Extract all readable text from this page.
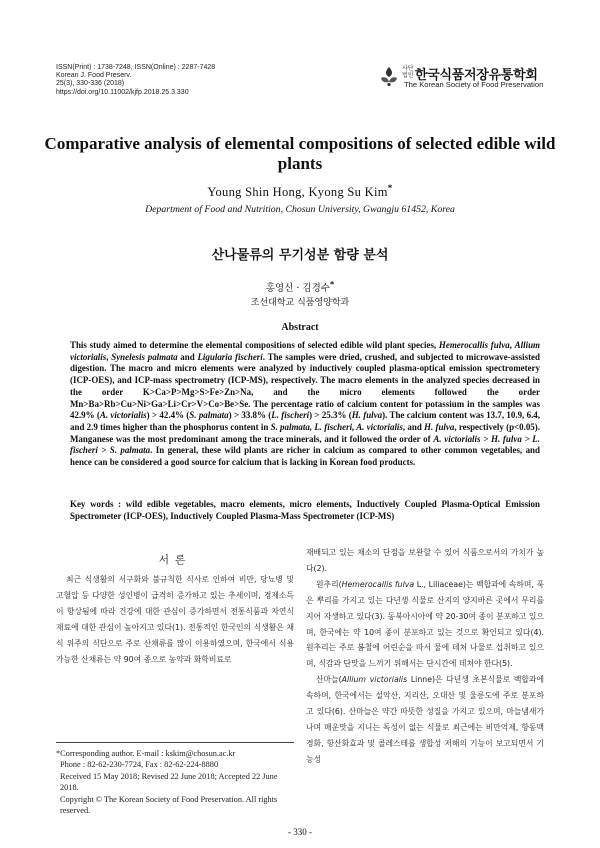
ISSN(Print) : 1738-7248, ISSN(Online) : 2287-7428
Korean J. Food Preserv.
25(3), 330-336 (2018)
https://doi.org/10.11002/kjfp.2018.25.3.330
사단
법인 한국식품저장유통학회
The Korean Society of Food Preservation
Comparative analysis of elemental compositions of selected edible wild plants
Young Shin Hong, Kyong Su Kim*
Department of Food and Nutrition, Chosun University, Gwangju 61452, Korea
산나물류의 무기성분 함량 분석
홍영신 · 김경수*
조선대학교 식품영양학과
Abstract
This study aimed to determine the elemental compositions of selected edible wild plant species, Hemerocallis fulva, Allium victorialis, Synelesis palmata and Ligularia fischeri. The samples were dried, crushed, and subjected to microwave-assisted digestion. The macro and micro elements were analyzed by inductively coupled plasma-optical emission spectrometery (ICP-OES), and ICP-mass spectrometry (ICP-MS), respectively. The macro elements in the analyzed species decreased in the order K>Ca>P>Mg>S>Fe>Zn>Na, and the micro elements followed the order Mn>Ba>Rb>Cu>Ni>Ga>Li>Cr>V>Co>Be>Se. The percentage ratio of calcium content for potassium in the samples was 42.9% (A. victorialis) > 42.4% (S. palmata) > 33.8% (L. fischeri) > 25.3% (H. fulva). The calcium content was 13.7, 10.9, 6.4, and 2.9 times higher than the phosphorus content in S. palmata, L. fischeri, A. victorialis, and H. fulva, respectively (p<0.05). Manganese was the most predominant among the trace minerals, and it followed the order of A. victorialis > H. fulva > L. fischeri > S. palmata. In general, these wild plants are richer in calcium as compared to other common vegetables, and hence can be considered a good source for calcium that is lacking in Korean food products.
Key words : wild edible vegetables, macro elements, micro elements, Inductively Coupled Plasma-Optical Emission Spectrometer (ICP-OES), Inductively Coupled Plasma-Mass Spectrometer (ICP-MS)
서론

최근 식생활의 서구화와 불규칙한 식사로 인하여 비만, 당뇨병 및 고혈압 등 다양한 성인병이 급격히 증가하고 있는 추세이며, 경제소득이 향상됨에 따라 건강에 대한 관심이 증가하면서 전통식품과 자연식재료에 대한 관심이 높아지고 있다(1). 전통적인 한국인의 식생활은 채식 위주의 식단으로 주로 산채류를 많이 이용하였으며, 한국에서 식용가능한 산채류는 약 90여 종으로 농약과 화학비료로

재배되고 있는 채소의 단점을 보완할 수 있어 식품으로서의 가치가 높다(2).

원추리(Hemerocallis fulva L., Liliaceae)는 백합과에 속하며, 푹은 뿌리를 가지고 있는 다년생 식물로 산지의 양지바른 곳에서 무리를 지어 자생하고 있다(3). 동북아시아에 약 20-30여 종이 분포하고 있으며, 한국에는 약 10여 종이 분포하고 있는 것으로 확인되고 있다(4). 원추리는 주로 봄철에 어린순을 따서 물에 데쳐 나물로 섭취하고 있으며, 식감과 단맛을 느끼기 위해서는 단시간에 데쳐야 한다(5).

산마늘(Allium victorialis Linne)은 다년생 초본식물로 백합과에 속하며, 한국에서는 설악산, 지리산, 오대산 및 울릉도에 주로 분포하고 있다(6). 산마늘은 약간 따뜻한 성질을 가지고 있으며, 마늘냄새가 나며 매운맛을 지니는 독성이 없는 식물로 최근에는 비만억제, 항동맥경화, 항산화효과 및 콜레스테롤 생합성 저해의 기능이 보고되면서 기능성

*Corresponding author. E-mail : kskim@chosun.ac.kr
Phone : 82-62-230-7724, Fax : 82-62-224-8880
Received 15 May 2018; Revised 22 June 2018; Accepted 22 June 2018.
Copyright © The Korean Society of Food Preservation. All rights reserved.
- 330 -
